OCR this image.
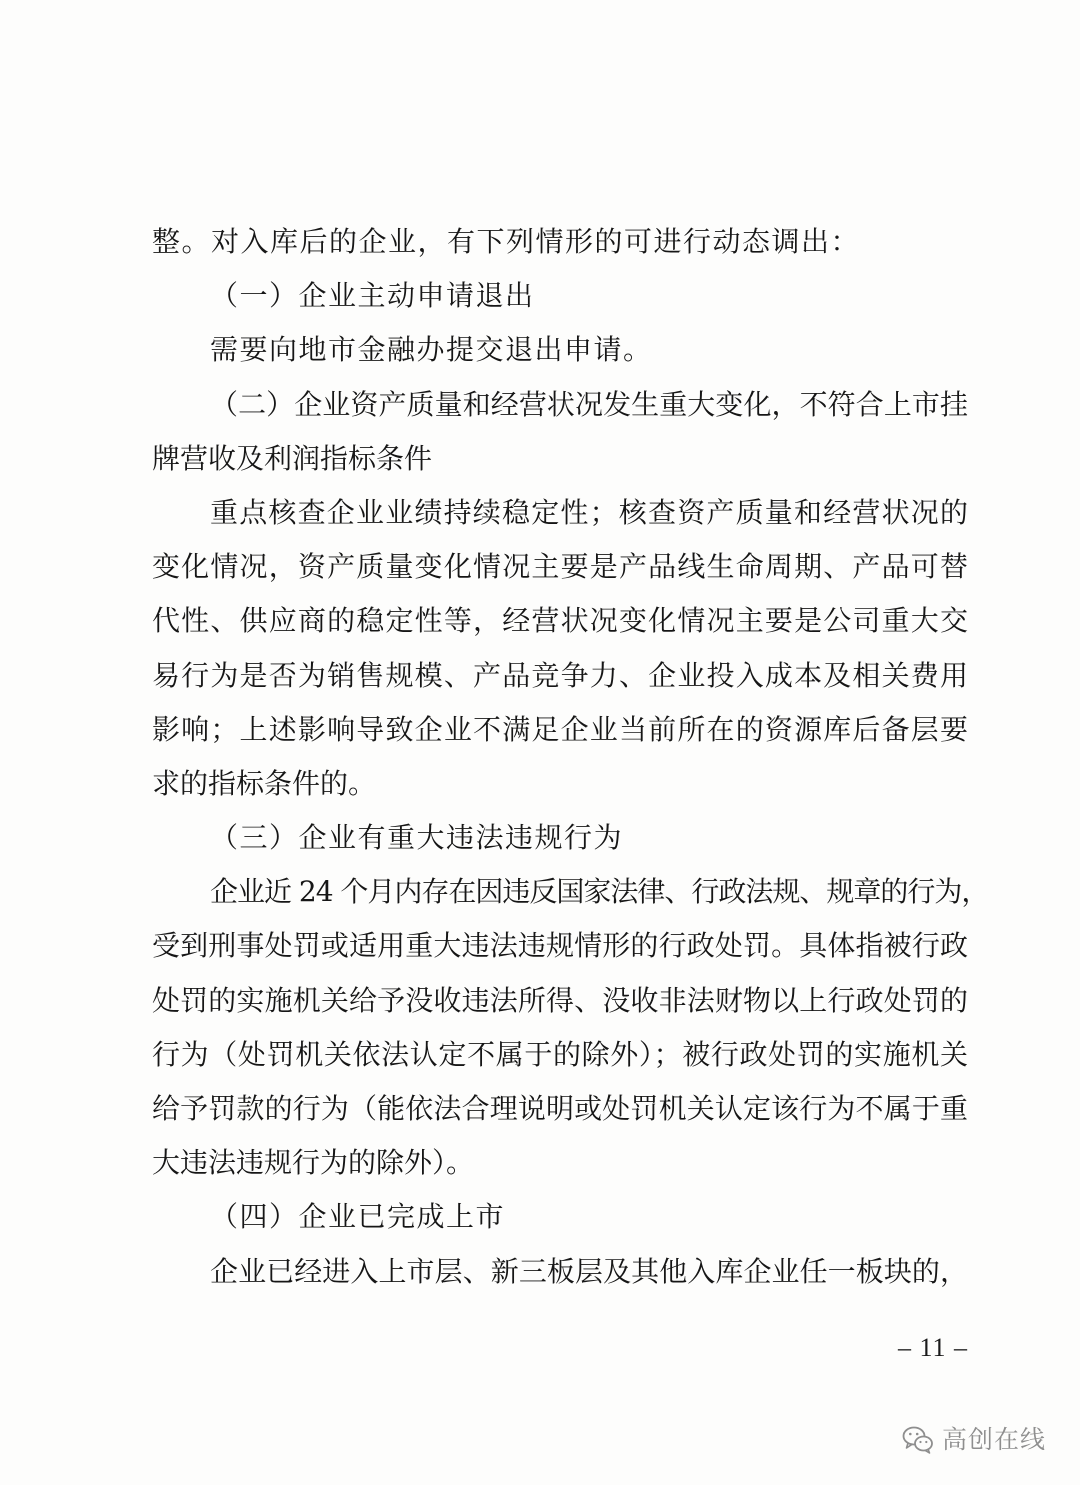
整。对入库后的企业，有下列情形的可进行动态调出：
（一）企业主动申请退出
需要向地市金融办提交退出申请。
（二）企业资产质量和经营状况发生重大变化，不符合上市挂
牌营收及利润指标条件
重点核查企业业绩持续稳定性；核查资产质量和经营状况的
变化情况，资产质量变化情况主要是产品线生命周期、产品可替
代性、供应商的稳定性等，经营状况变化情况主要是公司重大交
易行为是否为销售规模、产品竞争力、企业投入成本及相关费用
影响；上述影响导致企业不满足企业当前所在的资源库后备层要
求的指标条件的。
（三）企业有重大违法违规行为
企业近 24 个月内存在因违反国家法律、行政法规、规章的行为，
受到刑事处罚或适用重大违法违规情形的行政处罚。具体指被行政
处罚的实施机关给予没收违法所得、没收非法财物以上行政处罚的
行为（处罚机关依法认定不属于的除外）；被行政处罚的实施机关
给予罚款的行为（能依法合理说明或处罚机关认定该行为不属于重
大违法违规行为的除外）。
（四）企业已完成上市
企业已经进入上市层、新三板层及其他入库企业任一板块的，
– 11 –
高创在线
